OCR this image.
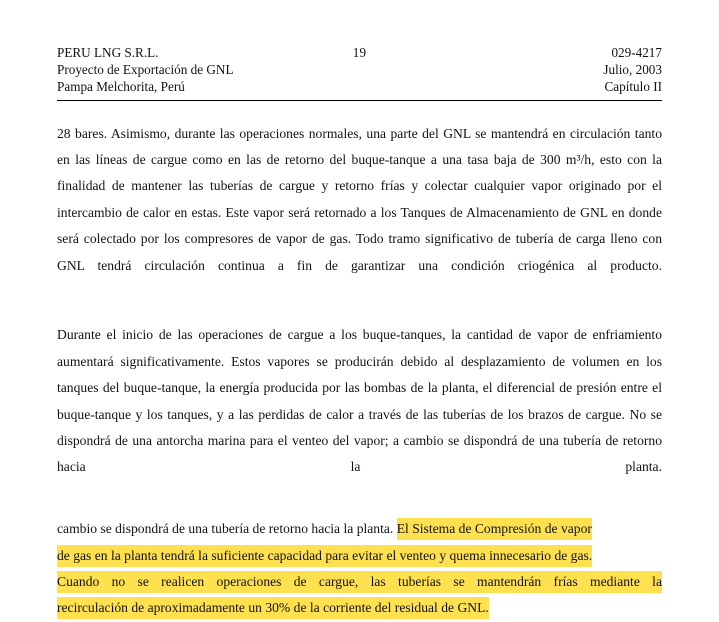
PERU LNG S.R.L.	19	029-4217
Proyecto de Exportación de GNL	Julio, 2003
Pampa Melchorita, Perú	Capítulo II

28 bares. Asimismo, durante las operaciones normales, una parte del GNL se mantendrá en circulación tanto en las líneas de cargue como en las de retorno del buque-tanque a una tasa baja de 300 m³/h, esto con la finalidad de mantener las tuberías de cargue y retorno frías y colectar cualquier vapor originado por el intercambio de calor en estas. Este vapor será retornado a los Tanques de Almacenamiento de GNL en donde será colectado por los compresores de vapor de gas. Todo tramo significativo de tubería de carga lleno con GNL tendrá circulación continua a fin de garantizar una condición criogénica al producto.

Durante el inicio de las operaciones de cargue a los buque-tanques, la cantidad de vapor de enfriamiento aumentará significativamente. Estos vapores se producirán debido al desplazamiento de volumen en los tanques del buque-tanque, la energía producida por las bombas de la planta, el diferencial de presión entre el buque-tanque y los tanques, y a las perdidas de calor a través de las tuberías de los brazos de cargue. No se dispondrá de una antorcha marina para el venteo del vapor; a cambio se dispondrá de una tubería de retorno hacia la planta.

cambio se dispondrá de una tubería de retorno hacia la planta. El Sistema de Compresión de vapor
de gas en la planta tendrá la suficiente capacidad para evitar el venteo y quema innecesario de gas.
Cuando no se realicen operaciones de cargue, las tuberías se mantendrán frías mediante la
recirculación de aproximadamente un 30% de la corriente del residual de GNL.
